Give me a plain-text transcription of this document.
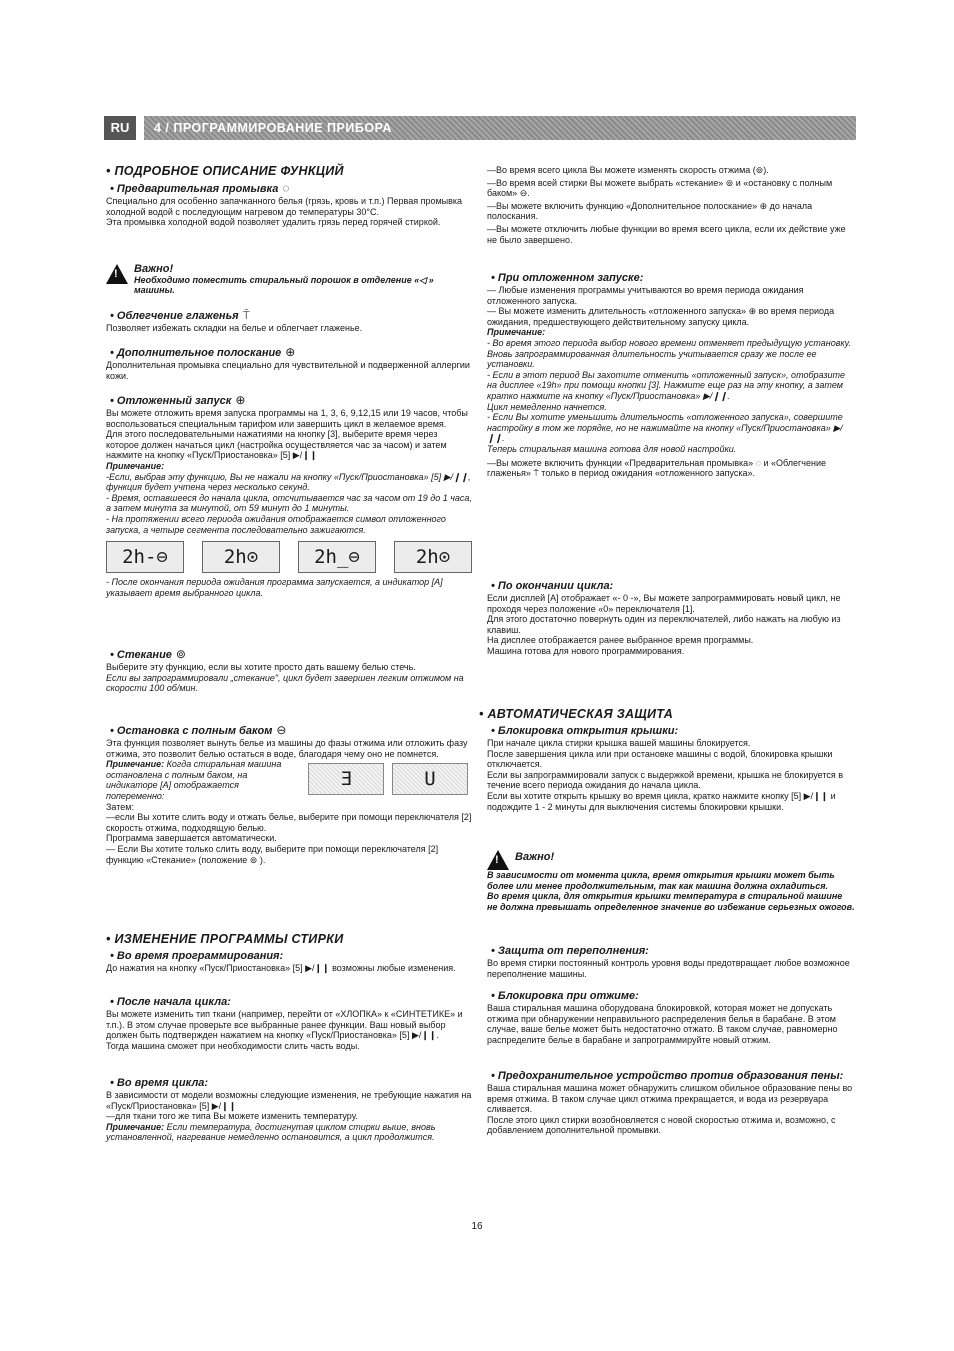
RU	4 / ПРОГРАММИРОВАНИЕ ПРИБОРА
• ПОДРОБНОЕ ОПИСАНИЕ ФУНКЦИЙ
• Предварительная промывка ◌

Специально для особенно запачканного белья (грязь, кровь и т.п.) Первая промывка холодной водой с последующим нагревом до температуры 30°С.

Эта промывка холодной водой позволяет удалить грязь перед горячей стиркой.

! Важно!
Необходимо поместить стиральный порошок в отделение «◁ » машины.
• Облегчение глаженья ⍑

Позволяет избежать складки на белье и облегчает глаженье.

• Дополнительное полоскание ⊕

Дополнительная промывка специально для чувствительной и подверженной аллергии кожи.

• Отложенный запуск ⊕

Вы можете отложить время запуска программы на 1, 3, 6, 9,12,15 или 19 часов, чтобы воспользоваться специальным тарифом или завершить цикл в желаемое время.

Для этого последовательными нажатиями на кнопку [3], выберите время через которое должен начаться цикл (настройка осуществляется час за часом) и затем нажмите на кнопку «Пуск/Приостановка» [5] ▶/❙❙

Примечание:

-Если, выбрав эту функцию, Вы не нажали на кнопку «Пуск/Приостановка» [5] ▶/❙❙, функция будет учтена через несколько секунд.

- Время, оставшееся до начала цикла, отсчитывается час за часом от 19 до 1 часа, а затем минута за минутой, от 59 минут до 1 минуты.

- На протяжении всего периода ожидания отображается символ отложенного запуска, а четыре сегмента последовательно зажигаются.

2h-⊖	2h⊙	2h_⊖	2h⊙

- После окончания периода ожидания программа запускается, а индикатор [A] указывает время выбранного цикла.

• Стекание ⊚

Выберите эту функцию, если вы хотите просто дать вашему белью стечь.

Если вы запрограммировали „стекание", цикл будет завершен легким отжимом на скорости 100 об/мин.

• Остановка с полным баком ⊖

Эта функция позволяет вынуть белье из машины до фазы отжима или отложить фазу отжима, это позволит белью остаться в воде, благодаря чему оно не помнется.

Примечание: Когда стиральная машина остановлена с полным баком, на индикаторе [A] отображается попеременно:
Ǝ	U

Затем:

—если Вы хотите слить воду и отжать белье, выберите при помощи переключателя [2] скорость отжима, подходящую белью.

Программа завершается автоматически.

— Если Вы хотите только слить воду, выберите при помощи переключателя [2] функцию «Стекание» (положение ⊚ ).

• ИЗМЕНЕНИЕ ПРОГРАММЫ СТИРКИ
• Во время программирования:

До нажатия на кнопку «Пуск/Приостановка» [5] ▶/❙❙ возможны любые изменения.

• После начала цикла:

Вы можете изменить тип ткани (например, перейти от «ХЛОПКА» к «СИНТЕТИКЕ» и т.п.). В этом случае проверьте все выбранные ранее функции. Ваш новый выбор должен быть подтвержден нажатием на кнопку «Пуск/Приостановка» [5] ▶/❙❙.

Тогда машина сможет при необходимости слить часть воды.

• Во время цикла:

В зависимости от модели возможны следующие изменения, не требующие нажатия на «Пуск/Приостановка» [5] ▶/❙❙

—для ткани того же типа Вы можете изменить температуру.

Примечание: Если температура, достигнутая циклом стирки выше, вновь установленной, нагревание немедленно остановится, а цикл продолжится.

—Во время всего цикла Вы можете изменять скорость отжима (⊚).

—Во время всей стирки Вы можете выбрать «стекание» ⊚ и «остановку с полным баком» ⊖.

—Вы можете включить функцию «Дополнительное полоскание» ⊕ до начала полоскания.

—Вы можете отключить любые функции во время всего цикла, если их действие уже не было завершено.

• При отложенном запуске:

— Любые изменения программы учитываются во время периода ожидания отложенного запуска.

— Вы можете изменить длительность «отложенного запуска» ⊕ во время периода ожидания, предшествующего действительному запуску цикла.

Примечание:

- Во время этого периода выбор нового времени отменяет предыдущую установку. Вновь запрограммированная длительность учитывается сразу же после ее установки.

- Если в этот период Вы захотите отменить «отложенный запуск», отобразите на дисплее «19h» при помощи кнопки [3]. Нажмите еще раз на эту кнопку, а затем кратко нажмите на кнопку «Пуск/Приостановка» ▶/❙❙.

Цикл немедленно начнется.

- Если Вы хотите уменьшить длительность «отложенного запуска», совершите настройку в том же порядке, но не нажимайте на кнопку «Пуск/Приостановка» ▶/❙❙.

Теперь стиральная машина готова для новой настройки.

—Вы можете включить функции «Предварительная промывка» ◌ и «Облегчение глаженья» ⍑ только в период ожидания «отложенного запуска».

• По окончании цикла:

Если дисплей [A] отображает «- 0 -», Вы можете запрограммировать новый цикл, не проходя через положение «0» переключателя [1].

Для этого достаточно повернуть один из переключателей, либо нажать на любую из клавиш.

На дисплее отображается ранее выбранное время программы.

Машина готова для нового программирования.

• АВТОМАТИЧЕСКАЯ ЗАЩИТА
• Блокировка открытия крышки:

При начале цикла стирки крышка вашей машины блокируется.

После завершения цикла или при остановке машины с водой, блокировка крышки отключается.

Если вы запрограммировали запуск с выдержкой времени, крышка не блокируется в течение всего периода ожидания до начала цикла.

Если вы хотите открыть крышку во время цикла, кратко нажмите кнопку [5] ▶/❙❙ и подождите 1 - 2 минуты для выключения системы блокировки крышки.

! Важно!

В зависимости от момента цикла, время открытия крышки может быть более или менее продолжительным, так как машина должна охладиться.

Во время цикла, для открытия крышки температура в стиральной машине не должна превышать определенное значение во избежание серьезных ожогов.

• Защита от переполнения:

Во время стирки постоянный контроль уровня воды предотвращает любое возможное переполнение машины.

• Блокировка при отжиме:

Ваша стиральная машина оборудована блокировкой, которая может не допускать отжима при обнаружении неправильного распределения белья в барабане. В этом случае, ваше белье может быть недостаточно отжато. В таком случае, равномерно распределите белье в барабане и запрограммируйте новый отжим.

• Предохранительное устройство против образования пены:

Ваша стиральная машина может обнаружить слишком обильное образование пены во время отжима. В таком случае цикл отжима прекращается, и вода из резервуара сливается.

После этого цикл стирки возобновляется с новой скоростью отжима и, возможно, с добавлением дополнительной промывки.

16
